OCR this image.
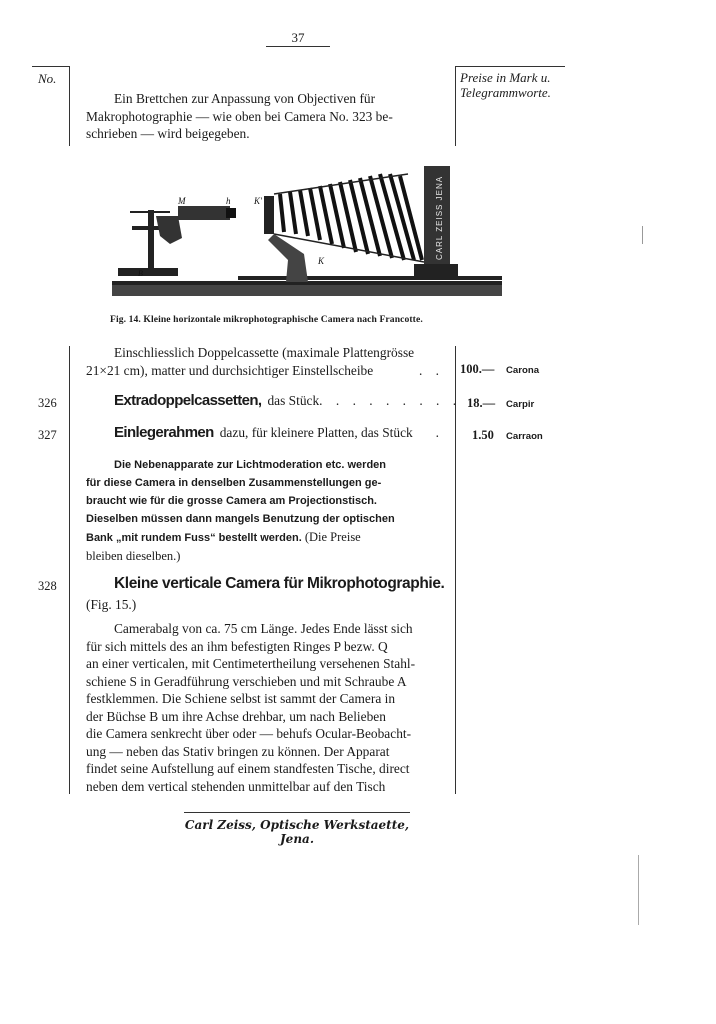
37
No.	Preise in Mark u.
Telegrammworte.
Ein Brettchen zur Anpassung von Objectiven für
Makrophotographie — wie oben bei Camera No. 323 be-
schrieben — wird beigegeben.
CARL ZEISS JENA
M	h	K'
K
B
Fig. 14. Kleine horizontale mikrophotographische Camera nach Francotte.
Einschliesslich Doppelcassette (maximale Plattengrösse
21×21 cm), matter und durchsichtiger Einstellscheibe	. . 100.— Carona
326	Extradoppelcassetten, das Stück . . . . . . . . . 18.— Carpir
327	Einlegerahmen dazu, für kleinere Platten, das Stück . 1.50 Carraon
Die Nebenapparate zur Lichtmoderation etc. werden
für diese Camera in denselben Zusammenstellungen ge-
braucht wie für die grosse Camera am Projectionstisch.
Dieselben müssen dann mangels Benutzung der optischen
Bank „mit rundem Fuss“ bestellt werden. (Die Preise
bleiben dieselben.)
328	Kleine verticale Camera für Mikrophotographie.
(Fig. 15.)
Camerabalg von ca. 75 cm Länge. Jedes Ende lässt sich
für sich mittels des an ihm befestigten Ringes P bezw. Q
an einer verticalen, mit Centimetertheilung versehenen Stahl-
schiene S in Geradführung verschieben und mit Schraube A
festklemmen. Die Schiene selbst ist sammt der Camera in
der Büchse B um ihre Achse drehbar, um nach Belieben
die Camera senkrecht über oder — behufs Ocular-Beobacht-
ung — neben das Stativ bringen zu können. Der Apparat
findet seine Aufstellung auf einem standfesten Tische, direct
neben dem vertical stehenden unmittelbar auf den Tisch
Carl Zeiss, Optische Werkstaette, Jena.
